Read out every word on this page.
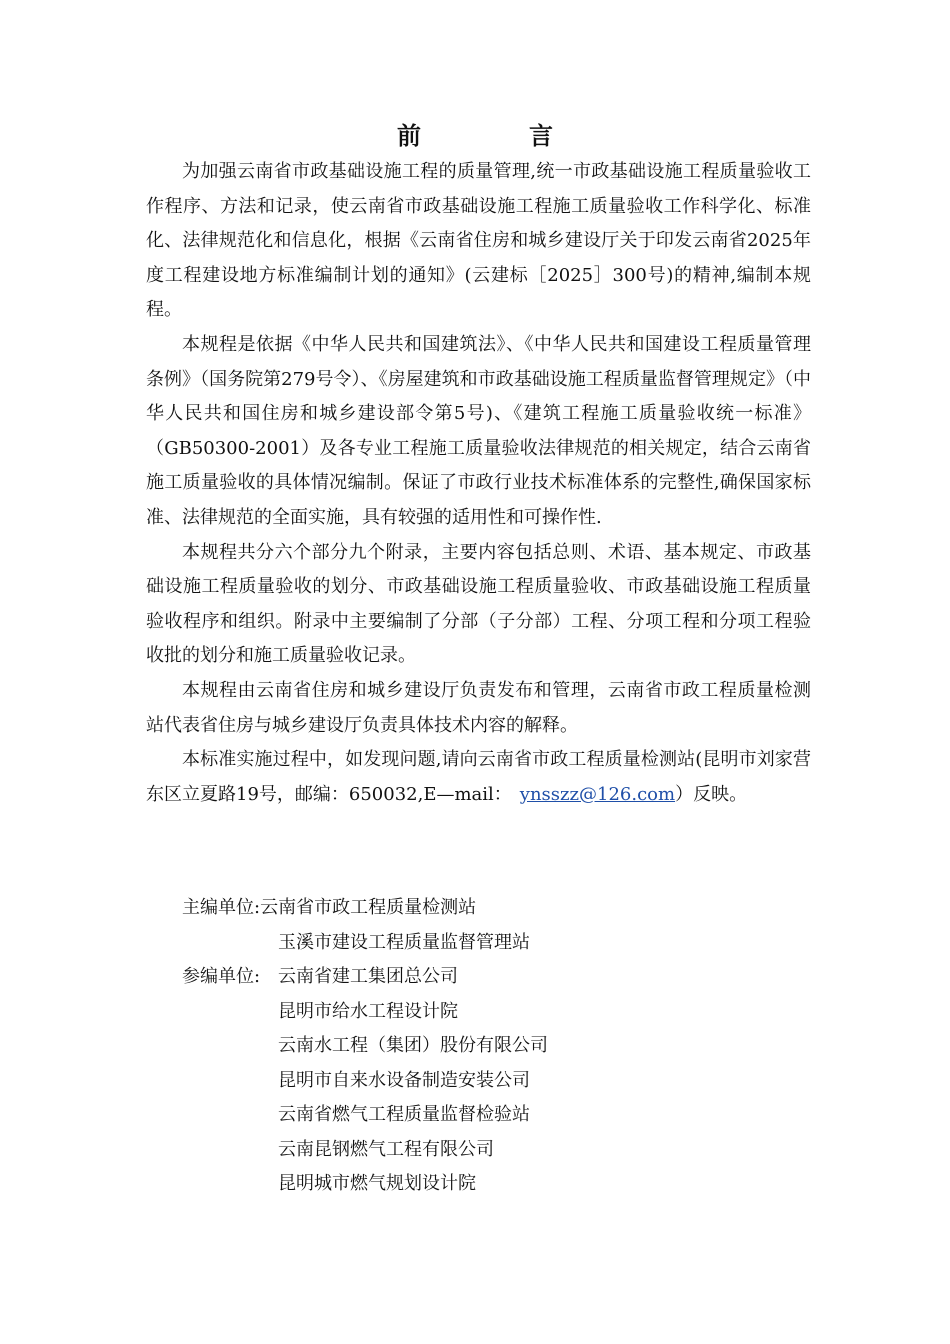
前　言

为加强云南省市政基础设施工程的质量管理,统一市政基础设施工程质量验收工作程序、方法和记录，使云南省市政基础设施工程施工质量验收工作科学化、标准化、法律规范化和信息化，根据《云南省住房和城乡建设厅关于印发云南省2025年度工程建设地方标准编制计划的通知》(云建标［2025］300号)的精神,编制本规程。

本规程是依据《中华人民共和国建筑法》、《中华人民共和国建设工程质量管理条例》（国务院第279号令）、《房屋建筑和市政基础设施工程质量监督管理规定》（中华人民共和国住房和城乡建设部令第5号)、《建筑工程施工质量验收统一标准》（GB50300-2001）及各专业工程施工质量验收法律规范的相关规定，结合云南省施工质量验收的具体情况编制。保证了市政行业技术标准体系的完整性,确保国家标准、法律规范的全面实施，具有较强的适用性和可操作性.

本规程共分六个部分九个附录，主要内容包括总则、术语、基本规定、市政基础设施工程质量验收的划分、市政基础设施工程质量验收、市政基础设施工程质量验收程序和组织。附录中主要编制了分部（子分部）工程、分项工程和分项工程验收批的划分和施工质量验收记录。

本规程由云南省住房和城乡建设厅负责发布和管理，云南省市政工程质量检测站代表省住房与城乡建设厅负责具体技术内容的解释。

本标准实施过程中，如发现问题,请向云南省市政工程质量检测站(昆明市刘家营东区立夏路19号，邮编：650032,E—mail： ynsszz@126.com）反映。

主编单位: 云南省市政工程质量检测站
玉溪市建设工程质量监督管理站
参编单位: 云南省建工集团总公司
昆明市给水工程设计院
云南水工程（集团）股份有限公司
昆明市自来水设备制造安装公司
云南省燃气工程质量监督检验站
云南昆钢燃气工程有限公司
昆明城市燃气规划设计院
